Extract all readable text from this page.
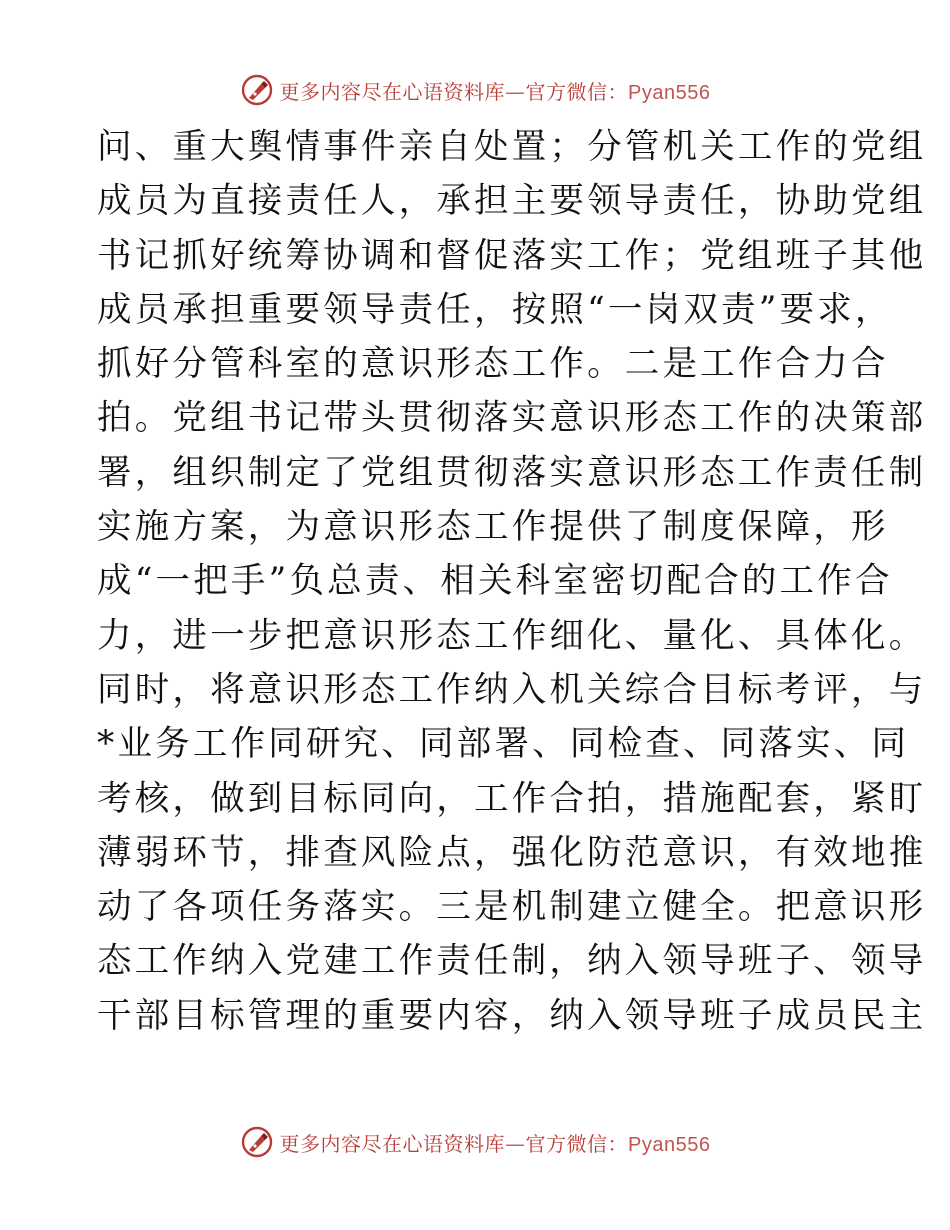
更多内容尽在心语资料库—官方微信：Pyan556
问、重大舆情事件亲自处置；分管机关工作的党组
成员为直接责任人，承担主要领导责任，协助党组
书记抓好统筹协调和督促落实工作；党组班子其他
成员承担重要领导责任，按照“一岗双责”要求，
抓好分管科室的意识形态工作。二是工作合力合
拍。党组书记带头贯彻落实意识形态工作的决策部
署，组织制定了党组贯彻落实意识形态工作责任制
实施方案，为意识形态工作提供了制度保障，形
成“一把手”负总责、相关科室密切配合的工作合
力，进一步把意识形态工作细化、量化、具体化。
同时，将意识形态工作纳入机关综合目标考评，与
*业务工作同研究、同部署、同检查、同落实、同
考核，做到目标同向，工作合拍，措施配套，紧盯
薄弱环节，排查风险点，强化防范意识，有效地推
动了各项任务落实。三是机制建立健全。把意识形
态工作纳入党建工作责任制，纳入领导班子、领导
干部目标管理的重要内容，纳入领导班子成员民主
更多内容尽在心语资料库—官方微信：Pyan556
